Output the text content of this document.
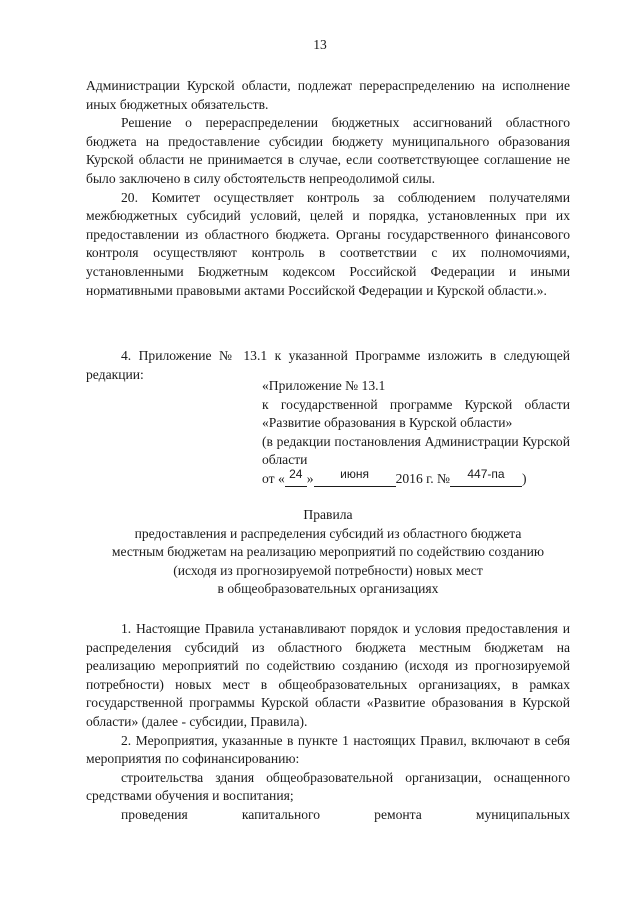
13

Администрации Курской области, подлежат перераспределению на исполнение иных бюджетных обязательств.

Решение о перераспределении бюджетных ассигнований областного бюджета на предоставление субсидии бюджету муниципального образования Курской области не принимается в случае, если соответствующее соглашение не было заключено в силу обстоятельств непреодолимой силы.

20. Комитет осуществляет контроль за соблюдением получателями межбюджетных субсидий условий, целей и порядка, установленных при их предоставлении из областного бюджета. Органы государственного финансового контроля осуществляют контроль в соответствии с их полномочиями, установленными Бюджетным кодексом Российской Федерации и иными нормативными правовыми актами Российской Федерации и Курской области.».

4. Приложение № 13.1 к указанной Программе изложить в следующей редакции:

«Приложение № 13.1

к государственной программе Курской области «Развитие образования в Курской области»

(в редакции постановления Администрации Курской области

от « 24 » июня 2016 г. № 447-па )

Правила

предоставления и распределения субсидий из областного бюджета

местным бюджетам на реализацию мероприятий по содействию созданию

(исходя из прогнозируемой потребности) новых мест

в общеобразовательных организациях

1. Настоящие Правила устанавливают порядок и условия предоставления и распределения субсидий из областного бюджета местным бюджетам на реализацию мероприятий по содействию созданию (исходя из прогнозируемой потребности) новых мест в общеобразовательных организациях, в рамках государственной программы Курской области «Развитие образования в Курской области» (далее - субсидии, Правила).

2. Мероприятия, указанные в пункте 1 настоящих Правил, включают в себя мероприятия по софинансированию:

строительства здания общеобразовательной организации, оснащенного средствами обучения и воспитания;

проведения	капитального	ремонта	муниципальных
